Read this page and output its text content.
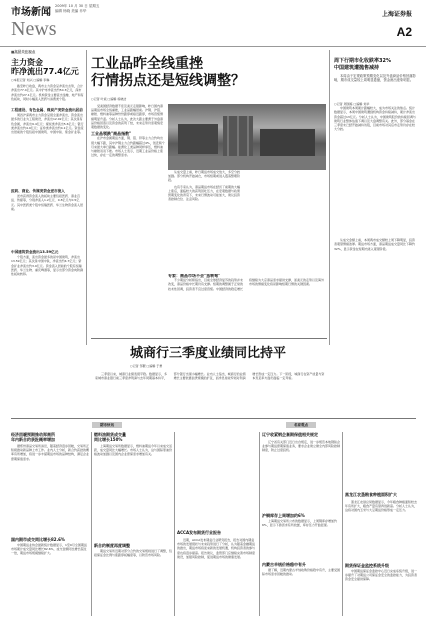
市场新闻
2009年 10 月 30 日 星期五
编辑 杨晓 美编 乔华
News
上海证券报
A2
■高层关注视点
主力资金
昨净流出77.4亿元
○本报记者 刘兴 □编辑 李琳
截至昨日收盘，两市主力资金呈净流出态势，合计净流出77.4亿元。其中沪市净流出约50.3亿元，深市净流出约27.1亿元。机构资金主要流出金融、地产和有色板块，同时小幅流入医药与消费类个股。
工程建设、有色金属、煤炭产类资金流出居前
周四沪深两市主力资金呈现全面净流出，资金流出最多的行业为工程建设，净流出12.02亿元；其次是有色金属，净流出9.4亿元；煤炭类净流出5.6亿元；银行类净流出约4.9亿元；证券类净流出约4.1亿元。资金流出居前的个股包括中国建筑、中国中铁、紫金矿业等。
医药、商业、传媒类资金逆市流入
逆市获得资金流入的板块主要包括医药、商业百货、传媒等，分别净流入1.2亿元、0.8亿元与0.5亿元。其中医药类个股中恒瑞医药、华兰生物资金流入居前。
中国建筑资金流出13.59亿元
个股方面，流出资金最多的是中国建筑，净流出13.59亿元；其次是中国中铁，净流出约4.7亿元；紫金矿业净流出约3.9亿元。资金流入居前的个股有恒瑞医药、华兰生物、重庆啤酒等，显示出部分资金向防御性板块转移。
工业品昨全线重挫
行情拐点还是短线调整？
○记者 叶斌 □编辑 杨晓洁
受美国经济数据不佳及美元走强影响，昨日国内商品期货市场全线重挫，工业品跌幅居前。沪铜、沪铝、橡胶、燃料油等品种纷纷跌停或接近跌停，市场恐慌情绪明显升温。分析人士认为，此次大跌主要源于外盘商品价格回落以及资金的获利了结，未来走势仍需观察宏观数据的变化。
工业品领跌"商品指数"
在沪市金属期货方面，铜、铝、锌等主力合约均出现大幅下跌，其中沪铜主力合约跌幅超过4%，创近两个月来最大单日跌幅。能源化工类品种同样承压，燃料油与橡胶双双下挫。市场人士表示，近期工业品价格上涨过快，存在一定的调整需求。
从成交量上看，昨日期货市场成交放大，多空分歧加剧。部分机构开始减仓，市场短期或进入震荡整理阶段。
也有专家认为，商品期货市场在经历了前期的大幅上涨后，面临较大的获利回吐压力，在宏观数据与政策预期变化的背景下，未来行情波动可能加大，建议投资者控制仓位、注意风险。
专家：商品市场不会"急转弯"
不少期货分析师指出，目前全球经济复苏的趋势并未改变，商品价格中长期仍有支撑。短期的调整属于正常的技术性回调，投资者不宜过度恐慌。中国经济的稳定增长将继续为大宗商品需求提供支撑，而美元的走势以及海外市场的情绪变化将是影响短期行情的关键因素。
周下行期市化收跌率32%
中国建筑遭抛售减持
本周由于宏观政策预期变化以及外盘商品价格回落影响，期市成交量较上周明显萎缩，资金流出迹象明显。
○记者 周国栋 □编辑 刘华
中国建筑本周累计跌幅较大，成为市场关注的焦点。统计数据显示，本周中国建筑遭到机构资金持续减持，累计净流出资金超过13亿元。分析人士认为，中国建筑股价的持续回调与建筑行业整体估值下调以及大盘调整有关。此外，部分基金在三季度末已经开始减持该股，目前市场对其后市走势仍存在较大分歧。
从成交金额上看，本周两市成交额较上周下降明显，投资者观望情绪浓厚。期货市场方面，商品期货成交量同比下降约32%，显示资金在短期内进入观望阶段。
城商行三季度业绩同比持平
○记者 邹靓 □编辑 于勇
三季度以来，城商行业绩表现平稳。数据显示，多家城市商业银行前三季度净利润与去年同期基本持平，部分银行出现小幅增长。业内人士指出，城商行的业绩增长主要依靠信贷规模的扩张，而净息差收窄则对利润增长形成一定压力。下一阶段，城商行在资产质量与资本充足率方面仍面临一定考验。
期市快讯	名家观点
经济回暖预期推动郑商所
年内新合约获批概率增加
据郑州商品交易所消息，随着经济逐步回暖，交易所正积极推动新品种上市工作。业内人士分析，新合约获批的概率有所增加，将进一步丰富期货市场的品种结构，满足企业套期保值需求。
国内期市成交同比增长82.6%
中国期货业协会最新统计数据显示，1至9月全国期货市场累计成交量同比增长82.6%，成交金额同比增长超过一倍，期货市场规模继续扩大。
燃料油期货成交量
同比增长150%
上海期货交易所数据显示，燃料油期货今年以来成交活跃，成交量同比大幅增长。市场人士认为，这与国际原油价格波动加剧以及国内企业套保需求增加有关。
新合约制度再度调整
期货交易所近期对部分合约的交易规则进行了调整，包括保证金比例与涨跌停板幅度等，以防范市场风险。
ACCA发布期货行业报告
近期，ACCA发布期货行业研究报告，报告对国内期货市场的发展现状与未来趋势进行了分析，认为随着金融期货的推出，期货市场将迎来新的发展机遇，机构投资者的参与度也将逐步提高。报告建议，监管部门应继续完善市场制度建设，加强风险控制，促进期货市场的健康发展。
辽宁收紧钢企套期保值相关规定
辽宁省有关部门近日出台规定，进一步规范本地钢铁企业参与期货套期保值业务，要求企业建立健全内部风险控制制度，防止过度投机。
沪铜库存上周增加约6%
上海期货交易所公布的数据显示，上周铜库存增加约6%，显示下游需求有所放缓，库存压力开始显现。
内蒙古羊绒价格稳中有升
据了解，近期内蒙古羊绒收购价格稳中有升，主要受国际市场需求回暖的推动。
黑龙江农垦粮食种植面积扩大
黑龙江农垦总局数据显示，今年粮食种植面积较去年有所扩大，粮食产量有望再创新高。分析人士认为，这将对国内玉米与大豆期货价格形成一定压力。
期货保证金监控系统升级
中国期货保证金监控中心近日完成系统升级，进一步提升了对期货公司保证金安全的监控能力，为投资者资金安全提供保障。
